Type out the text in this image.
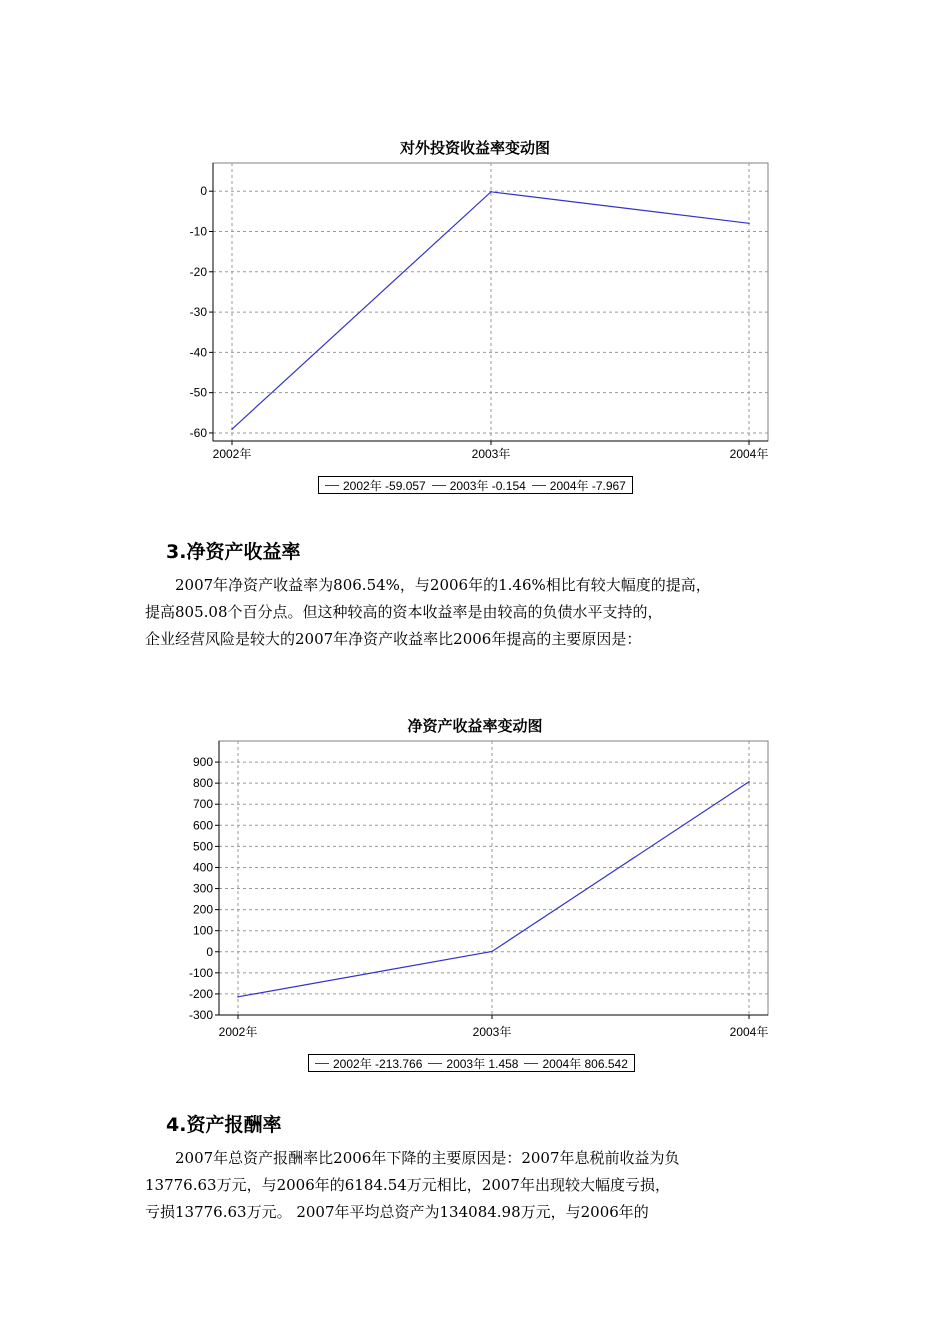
对外投资收益率变动图
0
-10
-20
-30
-40
-50
-60
2002年	2003年	2004年
2002年 -59.057 2003年 -0.154 2004年 -7.967
3.净资产收益率

2007年净资产收益率为806.54%，与2006年的1.46%相比有较大幅度的提高，

提高805.08个百分点。但这种较高的资本收益率是由较高的负债水平支持的，

企业经营风险是较大的2007年净资产收益率比2006年提高的主要原因是：

净资产收益率变动图
900
800
700
600
500
400
300
200
100
0
-100
-200
-300
2002年	2003年	2004年
2002年 -213.766 2003年 1.458 2004年 806.542
4.资产报酬率

2007年总资产报酬率比2006年下降的主要原因是：2007年息税前收益为负

13776.63万元，与2006年的6184.54万元相比，2007年出现较大幅度亏损，

亏损13776.63万元。 2007年平均总资产为134084.98万元，与2006年的
